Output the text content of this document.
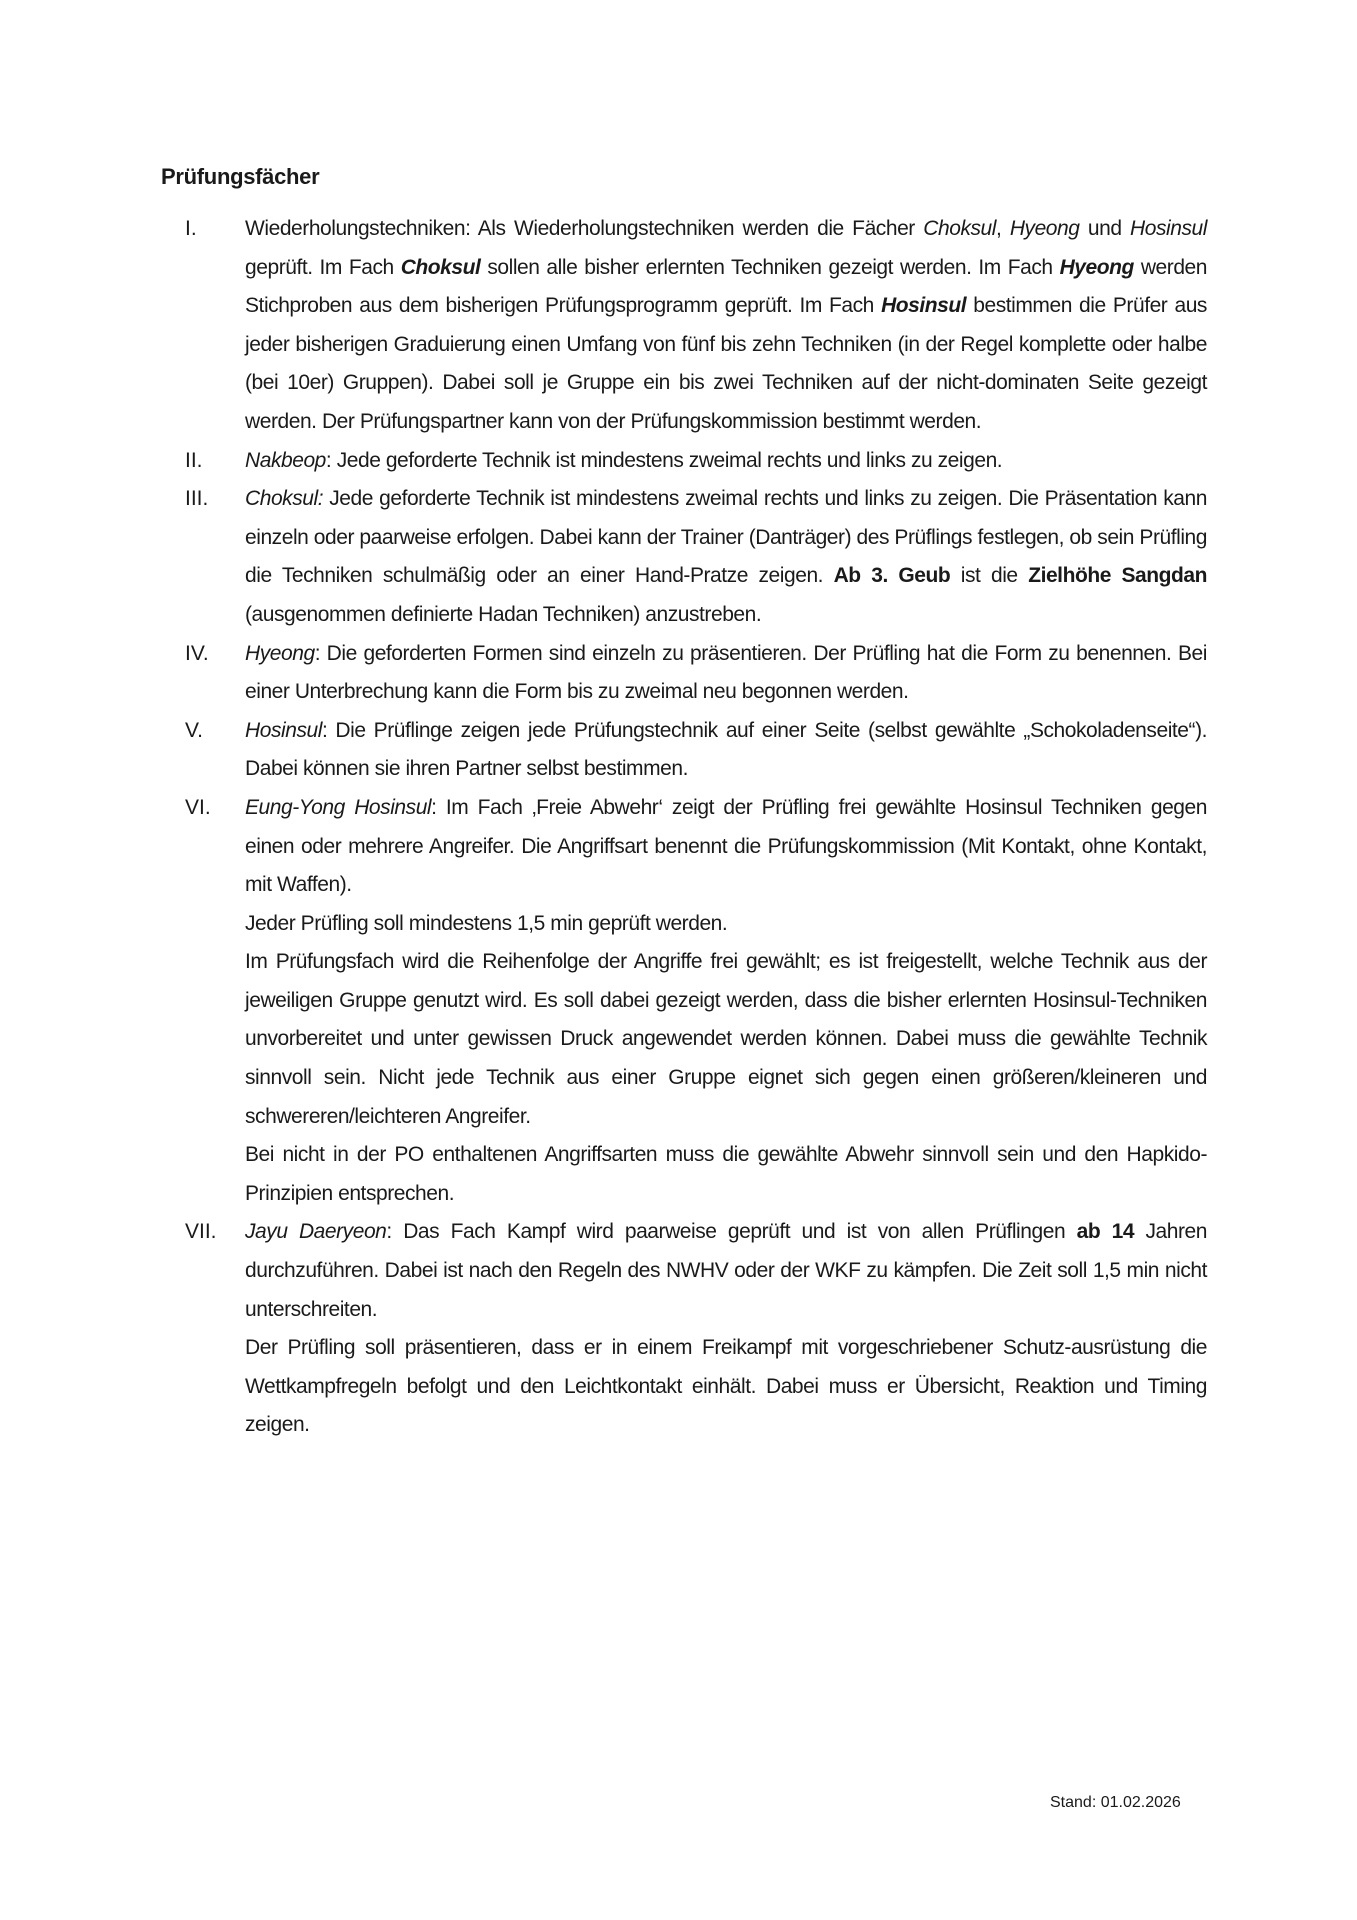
Prüfungsfächer
I.	Wiederholungstechniken: Als Wiederholungstechniken werden die Fächer Choksul, Hyeong und Hosinsul geprüft. Im Fach Choksul sollen alle bisher erlernten Techniken gezeigt werden. Im Fach Hyeong werden Stichproben aus dem bisherigen Prüfungsprogramm geprüft. Im Fach Hosinsul bestimmen die Prüfer aus jeder bisherigen Graduierung einen Umfang von fünf bis zehn Techniken (in der Regel komplette oder halbe (bei 10er) Gruppen). Dabei soll je Gruppe ein bis zwei Techniken auf der nicht-dominaten Seite gezeigt werden. Der Prüfungspartner kann von der Prüfungskommission bestimmt werden.

II.	Nakbeop: Jede geforderte Technik ist mindestens zweimal rechts und links zu zeigen.

III.	Choksul: Jede geforderte Technik ist mindestens zweimal rechts und links zu zeigen. Die Präsentation kann einzeln oder paarweise erfolgen. Dabei kann der Trainer (Danträger) des Prüflings festlegen, ob sein Prüfling die Techniken schulmäßig oder an einer Hand-Pratze zeigen. Ab 3. Geub ist die Zielhöhe Sangdan (ausgenommen definierte Hadan Techniken) anzustreben.

IV.	Hyeong: Die geforderten Formen sind einzeln zu präsentieren. Der Prüfling hat die Form zu benennen. Bei einer Unterbrechung kann die Form bis zu zweimal neu begonnen werden.

V.	Hosinsul: Die Prüflinge zeigen jede Prüfungstechnik auf einer Seite (selbst gewählte „Schokoladenseite“). Dabei können sie ihren Partner selbst bestimmen.

VI.	Eung-Yong Hosinsul: Im Fach ‚Freie Abwehr‘ zeigt der Prüfling frei gewählte Hosinsul Techniken gegen einen oder mehrere Angreifer. Die Angriffsart benennt die Prüfungskommission (Mit Kontakt, ohne Kontakt, mit Waffen).

Jeder Prüfling soll mindestens 1,5 min geprüft werden.

Im Prüfungsfach wird die Reihenfolge der Angriffe frei gewählt; es ist freigestellt, welche Technik aus der jeweiligen Gruppe genutzt wird. Es soll dabei gezeigt werden, dass die bisher erlernten Hosinsul-Techniken unvorbereitet und unter gewissen Druck angewendet werden können. Dabei muss die gewählte Technik sinnvoll sein. Nicht jede Technik aus einer Gruppe eignet sich gegen einen größeren/kleineren und schwereren/leichteren Angreifer.

Bei nicht in der PO enthaltenen Angriffsarten muss die gewählte Abwehr sinnvoll sein und den Hapkido-Prinzipien entsprechen.

VII.	Jayu Daeryeon: Das Fach Kampf wird paarweise geprüft und ist von allen Prüflingen ab 14 Jahren durchzuführen. Dabei ist nach den Regeln des NWHV oder der WKF zu kämpfen. Die Zeit soll 1,5 min nicht unterschreiten.

Der Prüfling soll präsentieren, dass er in einem Freikampf mit vorgeschriebener Schutz-ausrüstung die Wettkampfregeln befolgt und den Leichtkontakt einhält. Dabei muss er Übersicht, Reaktion und Timing zeigen.

Stand: 01.02.2026
